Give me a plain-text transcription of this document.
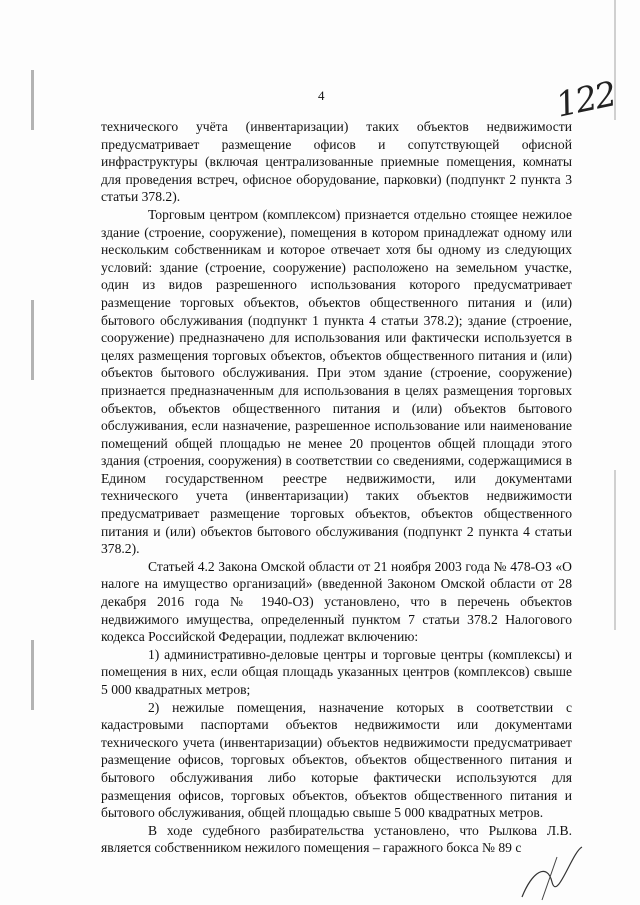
4	122

технического учёта (инвентаризации) таких объектов недвижимости предусматривает размещение офисов и сопутствующей офисной инфраструктуры (включая централизованные приемные помещения, комнаты для проведения встреч, офисное оборудование, парковки) (подпункт 2 пункта 3 статьи 378.2).

Торговым центром (комплексом) признается отдельно стоящее нежилое здание (строение, сооружение), помещения в котором принадлежат одному или нескольким собственникам и которое отвечает хотя бы одному из следующих условий: здание (строение, сооружение) расположено на земельном участке, один из видов разрешенного использования которого предусматривает размещение торговых объектов, объектов общественного питания и (или) бытового обслуживания (подпункт 1 пункта 4 статьи 378.2); здание (строение, сооружение) предназначено для использования или фактически используется в целях размещения торговых объектов, объектов общественного питания и (или) объектов бытового обслуживания. При этом здание (строение, сооружение) признается предназначенным для использования в целях размещения торговых объектов, объектов общественного питания и (или) объектов бытового обслуживания, если назначение, разрешенное использование или наименование помещений общей площадью не менее 20 процентов общей площади этого здания (строения, сооружения) в соответствии со сведениями, содержащимися в Едином государственном реестре недвижимости, или документами технического учета (инвентаризации) таких объектов недвижимости предусматривает размещение торговых объектов, объектов общественного питания и (или) объектов бытового обслуживания (подпункт 2 пункта 4 статьи 378.2).

Статьей 4.2 Закона Омской области от 21 ноября 2003 года № 478-ОЗ «О налоге на имущество организаций» (введенной Законом Омской области от 28 декабря 2016 года № 1940-ОЗ) установлено, что в перечень объектов недвижимого имущества, определенный пунктом 7 статьи 378.2 Налогового кодекса Российской Федерации, подлежат включению:

1) административно-деловые центры и торговые центры (комплексы) и помещения в них, если общая площадь указанных центров (комплексов) свыше 5 000 квадратных метров;

2) нежилые помещения, назначение которых в соответствии с кадастровыми паспортами объектов недвижимости или документами технического учета (инвентаризации) объектов недвижимости предусматривает размещение офисов, торговых объектов, объектов общественного питания и бытового обслуживания либо которые фактически используются для размещения офисов, торговых объектов, объектов общественного питания и бытового обслуживания, общей площадью свыше 5 000 квадратных метров.

В ходе судебного разбирательства установлено, что Рылкова Л.В. является собственником нежилого помещения – гаражного бокса № 89 с
